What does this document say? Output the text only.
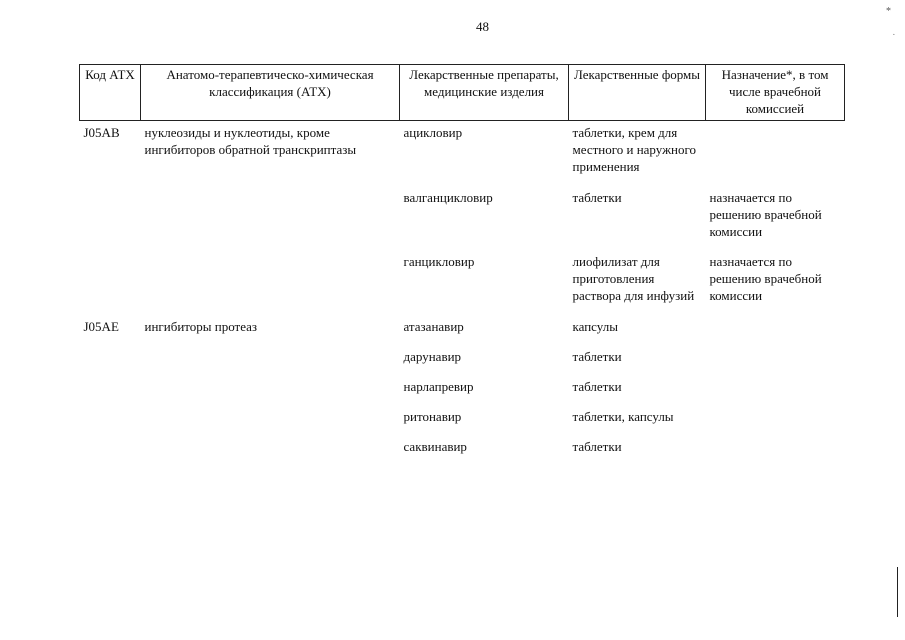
48
*
.
Код АТХ	Анатомо-терапевтическо-химическая классификация (АТХ)	Лекарственные препараты, медицинские изделия	Лекарственные формы	Назначение*, в том числе врачебной комиссией

J05AB	нуклеозиды и нуклеотиды, кроме ингибиторов обратной транскриптазы	ацикловир	таблетки, крем для местного и наружного применения	

		валганцикловир	таблетки	назначается по решению врачебной комиссии

		ганцикловир	лиофилизат для приготовления раствора для инфузий	назначается по решению врачебной комиссии

J05AE	ингибиторы протеаз	атазанавир	капсулы	

		дарунавир	таблетки	

		нарлапревир	таблетки	

		ритонавир	таблетки, капсулы	

		саквинавир	таблетки	
